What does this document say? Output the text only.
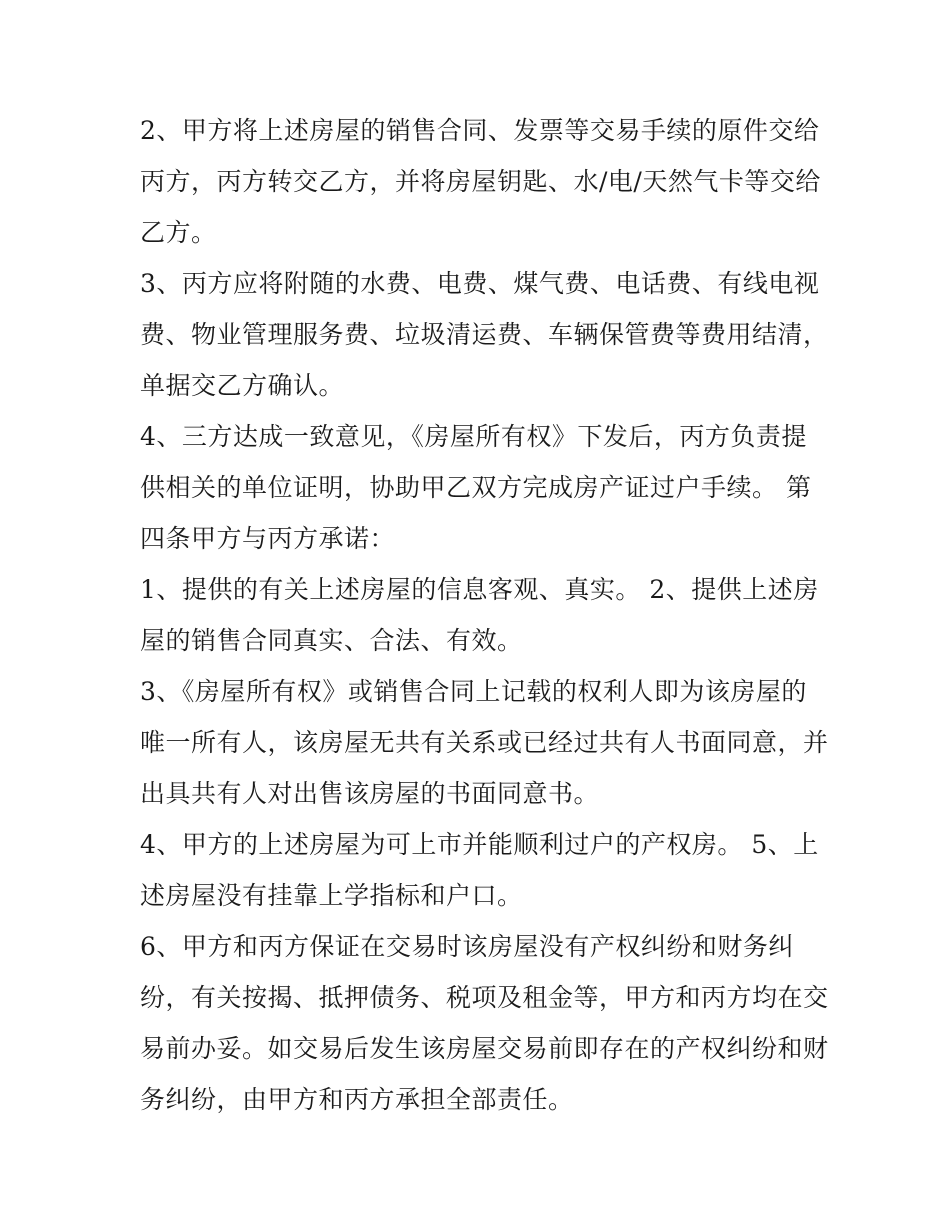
2、甲方将上述房屋的销售合同、发票等交易手续的原件交给
丙方，丙方转交乙方，并将房屋钥匙、水/电/天然气卡等交给
乙方。
3、丙方应将附随的水费、电费、煤气费、电话费、有线电视
费、物业管理服务费、垃圾清运费、车辆保管费等费用结清，
单据交乙方确认。
4、三方达成一致意见，《房屋所有权》下发后，丙方负责提
供相关的单位证明，协助甲乙双方完成房产证过户手续。 第
四条甲方与丙方承诺：
1、提供的有关上述房屋的信息客观、真实。 2、提供上述房
屋的销售合同真实、合法、有效。
3、《房屋所有权》或销售合同上记载的权利人即为该房屋的
唯一所有人，该房屋无共有关系或已经过共有人书面同意，并
出具共有人对出售该房屋的书面同意书。
4、甲方的上述房屋为可上市并能顺利过户的产权房。 5、上
述房屋没有挂靠上学指标和户口。
6、甲方和丙方保证在交易时该房屋没有产权纠纷和财务纠
纷，有关按揭、抵押债务、税项及租金等，甲方和丙方均在交
易前办妥。如交易后发生该房屋交易前即存在的产权纠纷和财
务纠纷，由甲方和丙方承担全部责任。
